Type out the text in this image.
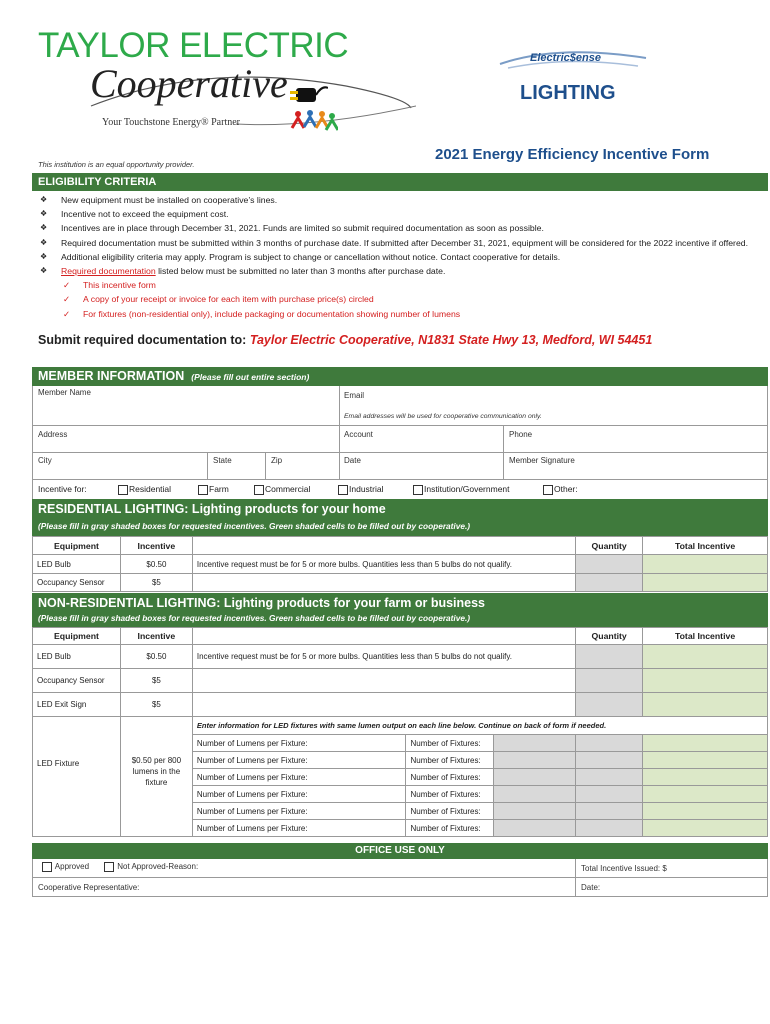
TAYLOR ELECTRIC
Cooperative
Your Touchstone Energy® Partner
Electric$ense
LIGHTING
This institution is an equal opportunity provider.
2021 Energy Efficiency Incentive Form
ELIGIBILITY CRITERIA
❖ New equipment must be installed on cooperative’s lines.
❖ Incentive not to exceed the equipment cost.
❖ Incentives are in place through December 31, 2021. Funds are limited so submit required documentation as soon as possible.
❖ Required documentation must be submitted within 3 months of purchase date. If submitted after December 31, 2021, equipment will be considered for the 2022 incentive if offered.
❖ Additional eligibility criteria may apply. Program is subject to change or cancellation without notice. Contact cooperative for details.
❖ Required documentation listed below must be submitted no later than 3 months after purchase date.
✓ This incentive form
✓ A copy of your receipt or invoice for each item with purchase price(s) circled
✓ For fixtures (non-residential only), include packaging or documentation showing number of lumens
Submit required documentation to: Taylor Electric Cooperative, N1831 State Hwy 13, Medford, WI 54451
MEMBER INFORMATION (Please fill out entire section)
Member Name	Email
Email addresses will be used for cooperative communication only.
Address	Account	Phone
City	State	Zip	Date	Member Signature
Incentive for:	Residential	Farm	Commercial	Industrial	Institution/Government	Other:
RESIDENTIAL LIGHTING: Lighting products for your home
(Please fill in gray shaded boxes for requested incentives. Green shaded cells to be filled out by cooperative.)
Equipment	Incentive		Quantity	Total Incentive
LED Bulb	$0.50	Incentive request must be for 5 or more bulbs. Quantities less than 5 bulbs do not qualify.		
Occupancy Sensor	$5			
NON-RESIDENTIAL LIGHTING: Lighting products for your farm or business
(Please fill in gray shaded boxes for requested incentives. Green shaded cells to be filled out by cooperative.)
Equipment	Incentive				Quantity	Total Incentive
LED Bulb	$0.50	Incentive request must be for 5 or more bulbs. Quantities less than 5 bulbs do not qualify.				
Occupancy Sensor	$5					
LED Exit Sign	$5					
LED Fixture	$0.50 per 800 lumens in the fixture	Enter information for LED fixtures with same lumen output on each line below. Continue on back of form if needed.				
		Number of Lumens per Fixture:	Number of Fixtures:			
		Number of Lumens per Fixture:	Number of Fixtures:			
		Number of Lumens per Fixture:	Number of Fixtures:			
		Number of Lumens per Fixture:	Number of Fixtures:			
		Number of Lumens per Fixture:	Number of Fixtures:			
		Number of Lumens per Fixture:	Number of Fixtures:			
OFFICE USE ONLY
Approved	Not Approved-Reason:	Total Incentive Issued: $
Cooperative Representative:	Date:
